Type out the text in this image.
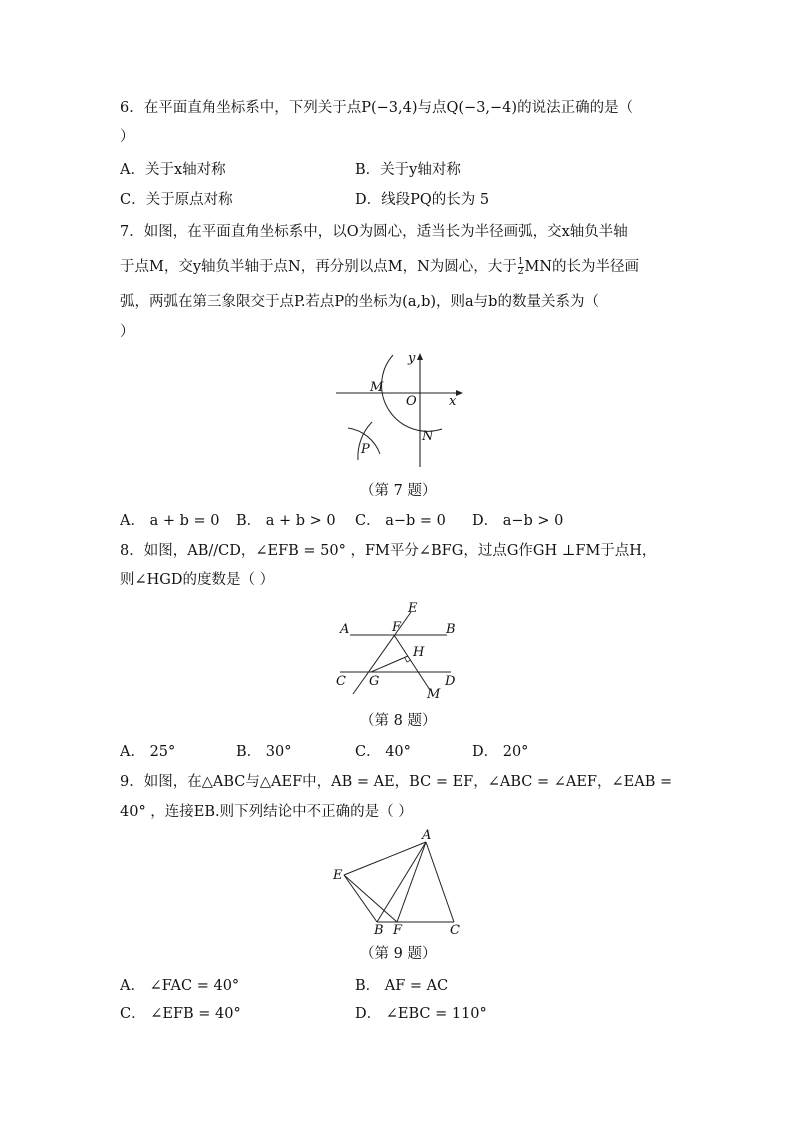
6．在平面直角坐标系中，下列关于点P(−3,4)与点Q(−3,−4)的说法正确的是（
）
A．关于x轴对称	B．关于y轴对称
C．关于原点对称	D．线段PQ的长为 5
7．如图，在平面直角坐标系中，以O为圆心，适当长为半径画弧，交x轴负半轴
于点M，交y轴负半轴于点N，再分别以点M，N为圆心，大于 $\frac{1}{2}$ MN的长为半径画
弧，两弧在第三象限交于点P.若点P的坐标为(a,b)，则a与b的数量关系为（
）
y
x
O
M
N
P
（第 7 题）
A． a + b = 0 B． a + b > 0 C． a−b = 0 D． a−b > 0
8．如图，AB//CD，∠EFB = 50° ，FM平分∠BFG，过点G作GH ⊥FM于点H，
则∠HGD的度数是（ ）
E
A	F	B
H
C G	D
M
（第 8 题）
A． 25°	B． 30°	C． 40°	D． 20°
9．如图，在△ABC与△AEF中，AB = AE，BC = EF，∠ABC = ∠AEF，∠EAB =
40° ，连接EB.则下列结论中不正确的是（ ）
A
E
B F	C
（第 9 题）
A． ∠FAC = 40°	B． AF = AC
C． ∠EFB = 40°	D． ∠EBC = 110°
